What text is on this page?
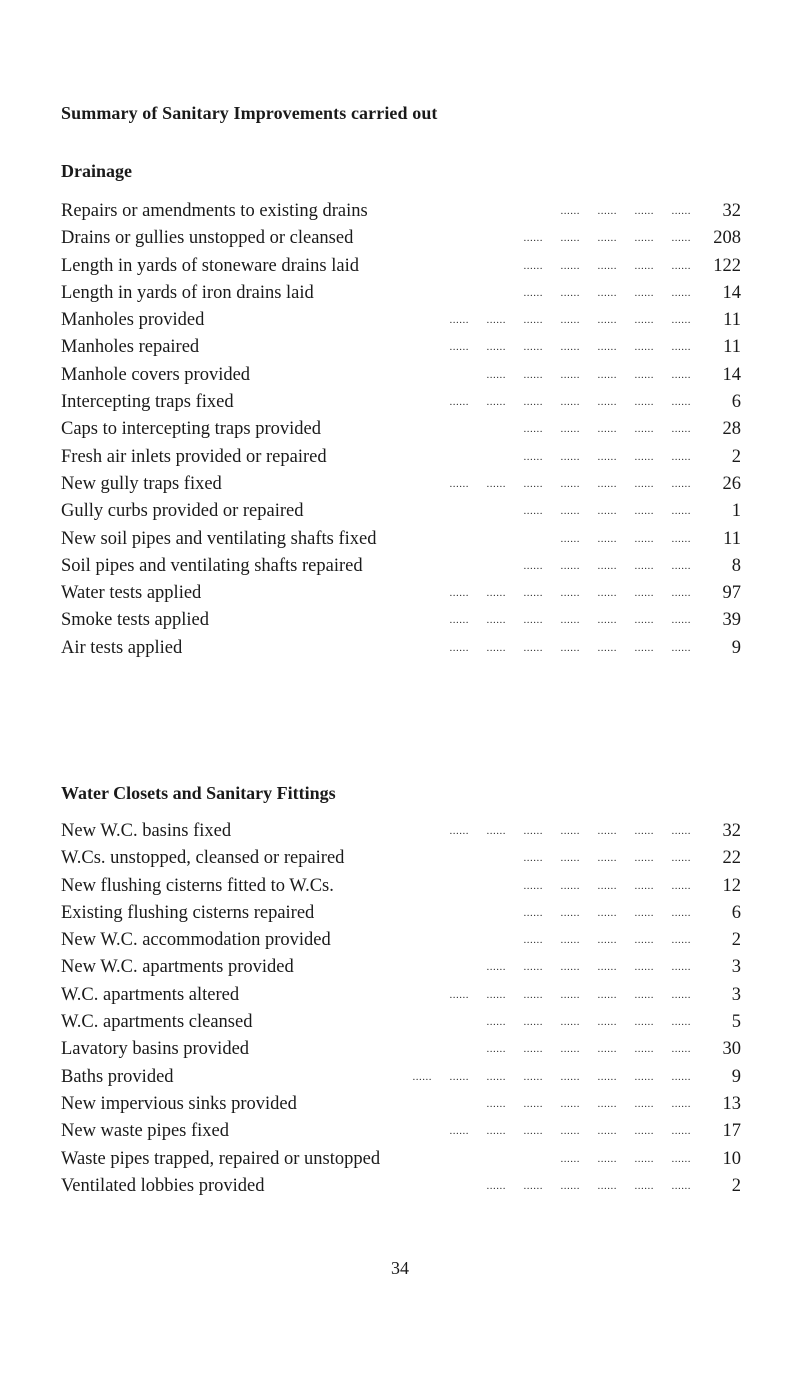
Summary of Sanitary Improvements carried out
Drainage
Repairs or amendments to existing drains	......  ......  ......  ......	32
Drains or gullies unstopped or cleansed	......  ......  ......  ......  ......	208
Length in yards of stoneware drains laid	......  ......  ......  ......  ......	122
Length in yards of iron drains laid	......  ......  ......  ......  ......	14
Manholes provided	......  ......  ......  ......  ......  ......  ......	11
Manholes repaired	......  ......  ......  ......  ......  ......  ......	11
Manhole covers provided	......  ......  ......  ......  ......  ......	14
Intercepting traps fixed	......  ......  ......  ......  ......  ......  ......	6
Caps to intercepting traps provided	......  ......  ......  ......  ......	28
Fresh air inlets provided or repaired	......  ......  ......  ......  ......	2
New gully traps fixed	......  ......  ......  ......  ......  ......  ......	26
Gully curbs provided or repaired	......  ......  ......  ......  ......	1
New soil pipes and ventilating shafts fixed	......  ......  ......  ......	11
Soil pipes and ventilating shafts repaired	......  ......  ......  ......  ......	8
Water tests applied	......  ......  ......  ......  ......  ......  ......	97
Smoke tests applied	......  ......  ......  ......  ......  ......  ......	39
Air tests applied	......  ......  ......  ......  ......  ......  ......	9
Water Closets and Sanitary Fittings
New W.C. basins fixed	......  ......  ......  ......  ......  ......  ......	32
W.Cs. unstopped, cleansed or repaired	......  ......  ......  ......  ......	22
New flushing cisterns fitted to W.Cs.	......  ......  ......  ......  ......	12
Existing flushing cisterns repaired	......  ......  ......  ......  ......	6
New W.C. accommodation provided	......  ......  ......  ......  ......	2
New W.C. apartments provided	......  ......  ......  ......  ......  ......	3
W.C. apartments altered	......  ......  ......  ......  ......  ......  ......	3
W.C. apartments cleansed	......  ......  ......  ......  ......  ......	5
Lavatory basins provided	......  ......  ......  ......  ......  ......	30
Baths provided	......  ......  ......  ......  ......  ......  ......  ......	9
New impervious sinks provided	......  ......  ......  ......  ......  ......	13
New waste pipes fixed	......  ......  ......  ......  ......  ......  ......	17
Waste pipes trapped, repaired or unstopped	......  ......  ......  ......	10
Ventilated lobbies provided	......  ......  ......  ......  ......  ......	2
34
